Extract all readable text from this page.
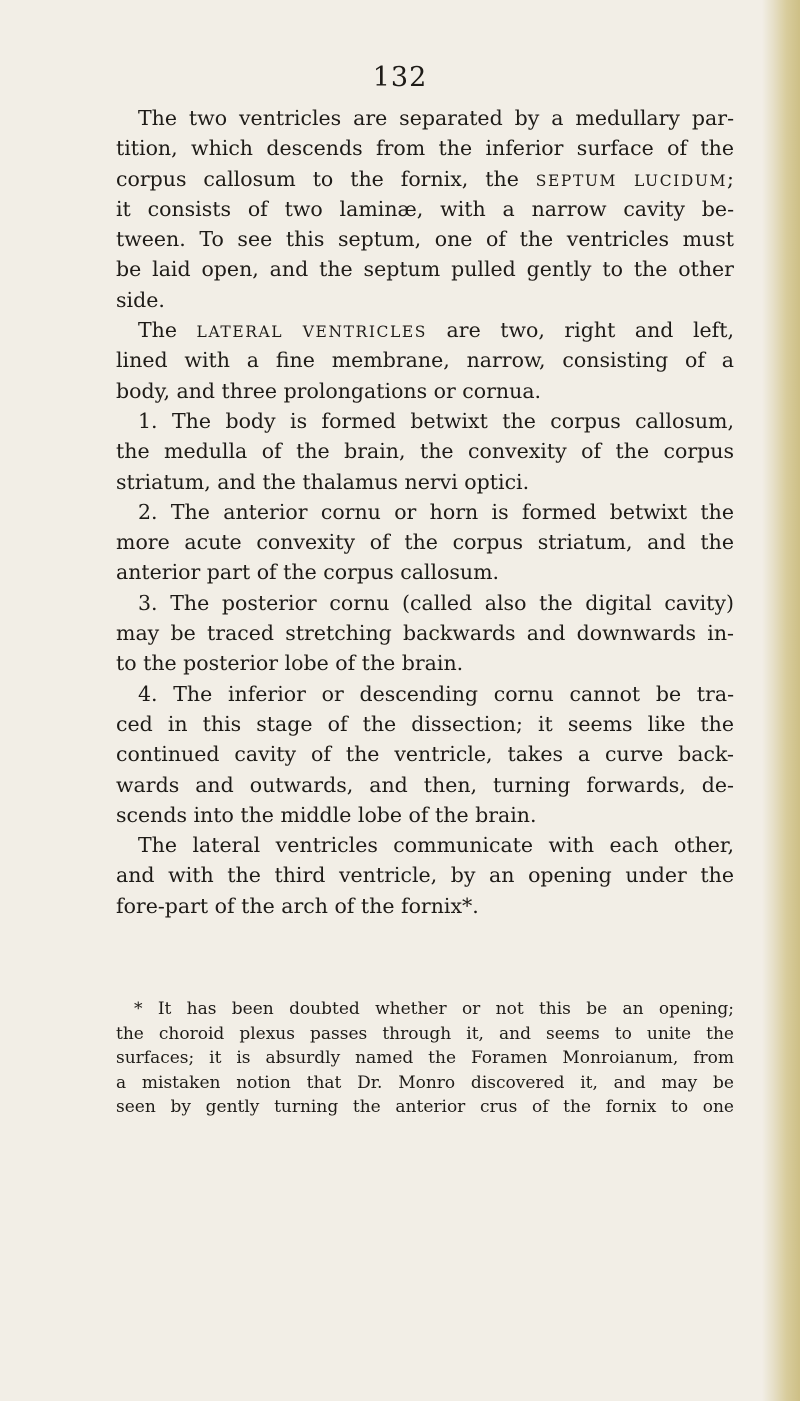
132
The two ventricles are separated by a medullary par-
tition, which descends from the inferior surface of the
corpus callosum to the fornix, the SEPTUM LUCIDUM;
it consists of two laminæ, with a narrow cavity be-
tween. To see this septum, one of the ventricles must
be laid open, and the septum pulled gently to the other
side.
The LATERAL VENTRICLES are two, right and left,
lined with a fine membrane, narrow, consisting of a
body, and three prolongations or cornua.
1. The body is formed betwixt the corpus callosum,
the medulla of the brain, the convexity of the corpus
striatum, and the thalamus nervi optici.
2. The anterior cornu or horn is formed betwixt the
more acute convexity of the corpus striatum, and the
anterior part of the corpus callosum.
3. The posterior cornu (called also the digital cavity)
may be traced stretching backwards and downwards in-
to the posterior lobe of the brain.
4. The inferior or descending cornu cannot be tra-
ced in this stage of the dissection; it seems like the
continued cavity of the ventricle, takes a curve back-
wards and outwards, and then, turning forwards, de-
scends into the middle lobe of the brain.
The lateral ventricles communicate with each other,
and with the third ventricle, by an opening under the
fore-part of the arch of the fornix*.
* It has been doubted whether or not this be an opening;
the choroid plexus passes through it, and seems to unite the
surfaces; it is absurdly named the Foramen Monroianum, from
a mistaken notion that Dr. Monro discovered it, and may be
seen by gently turning the anterior crus of the fornix to one
